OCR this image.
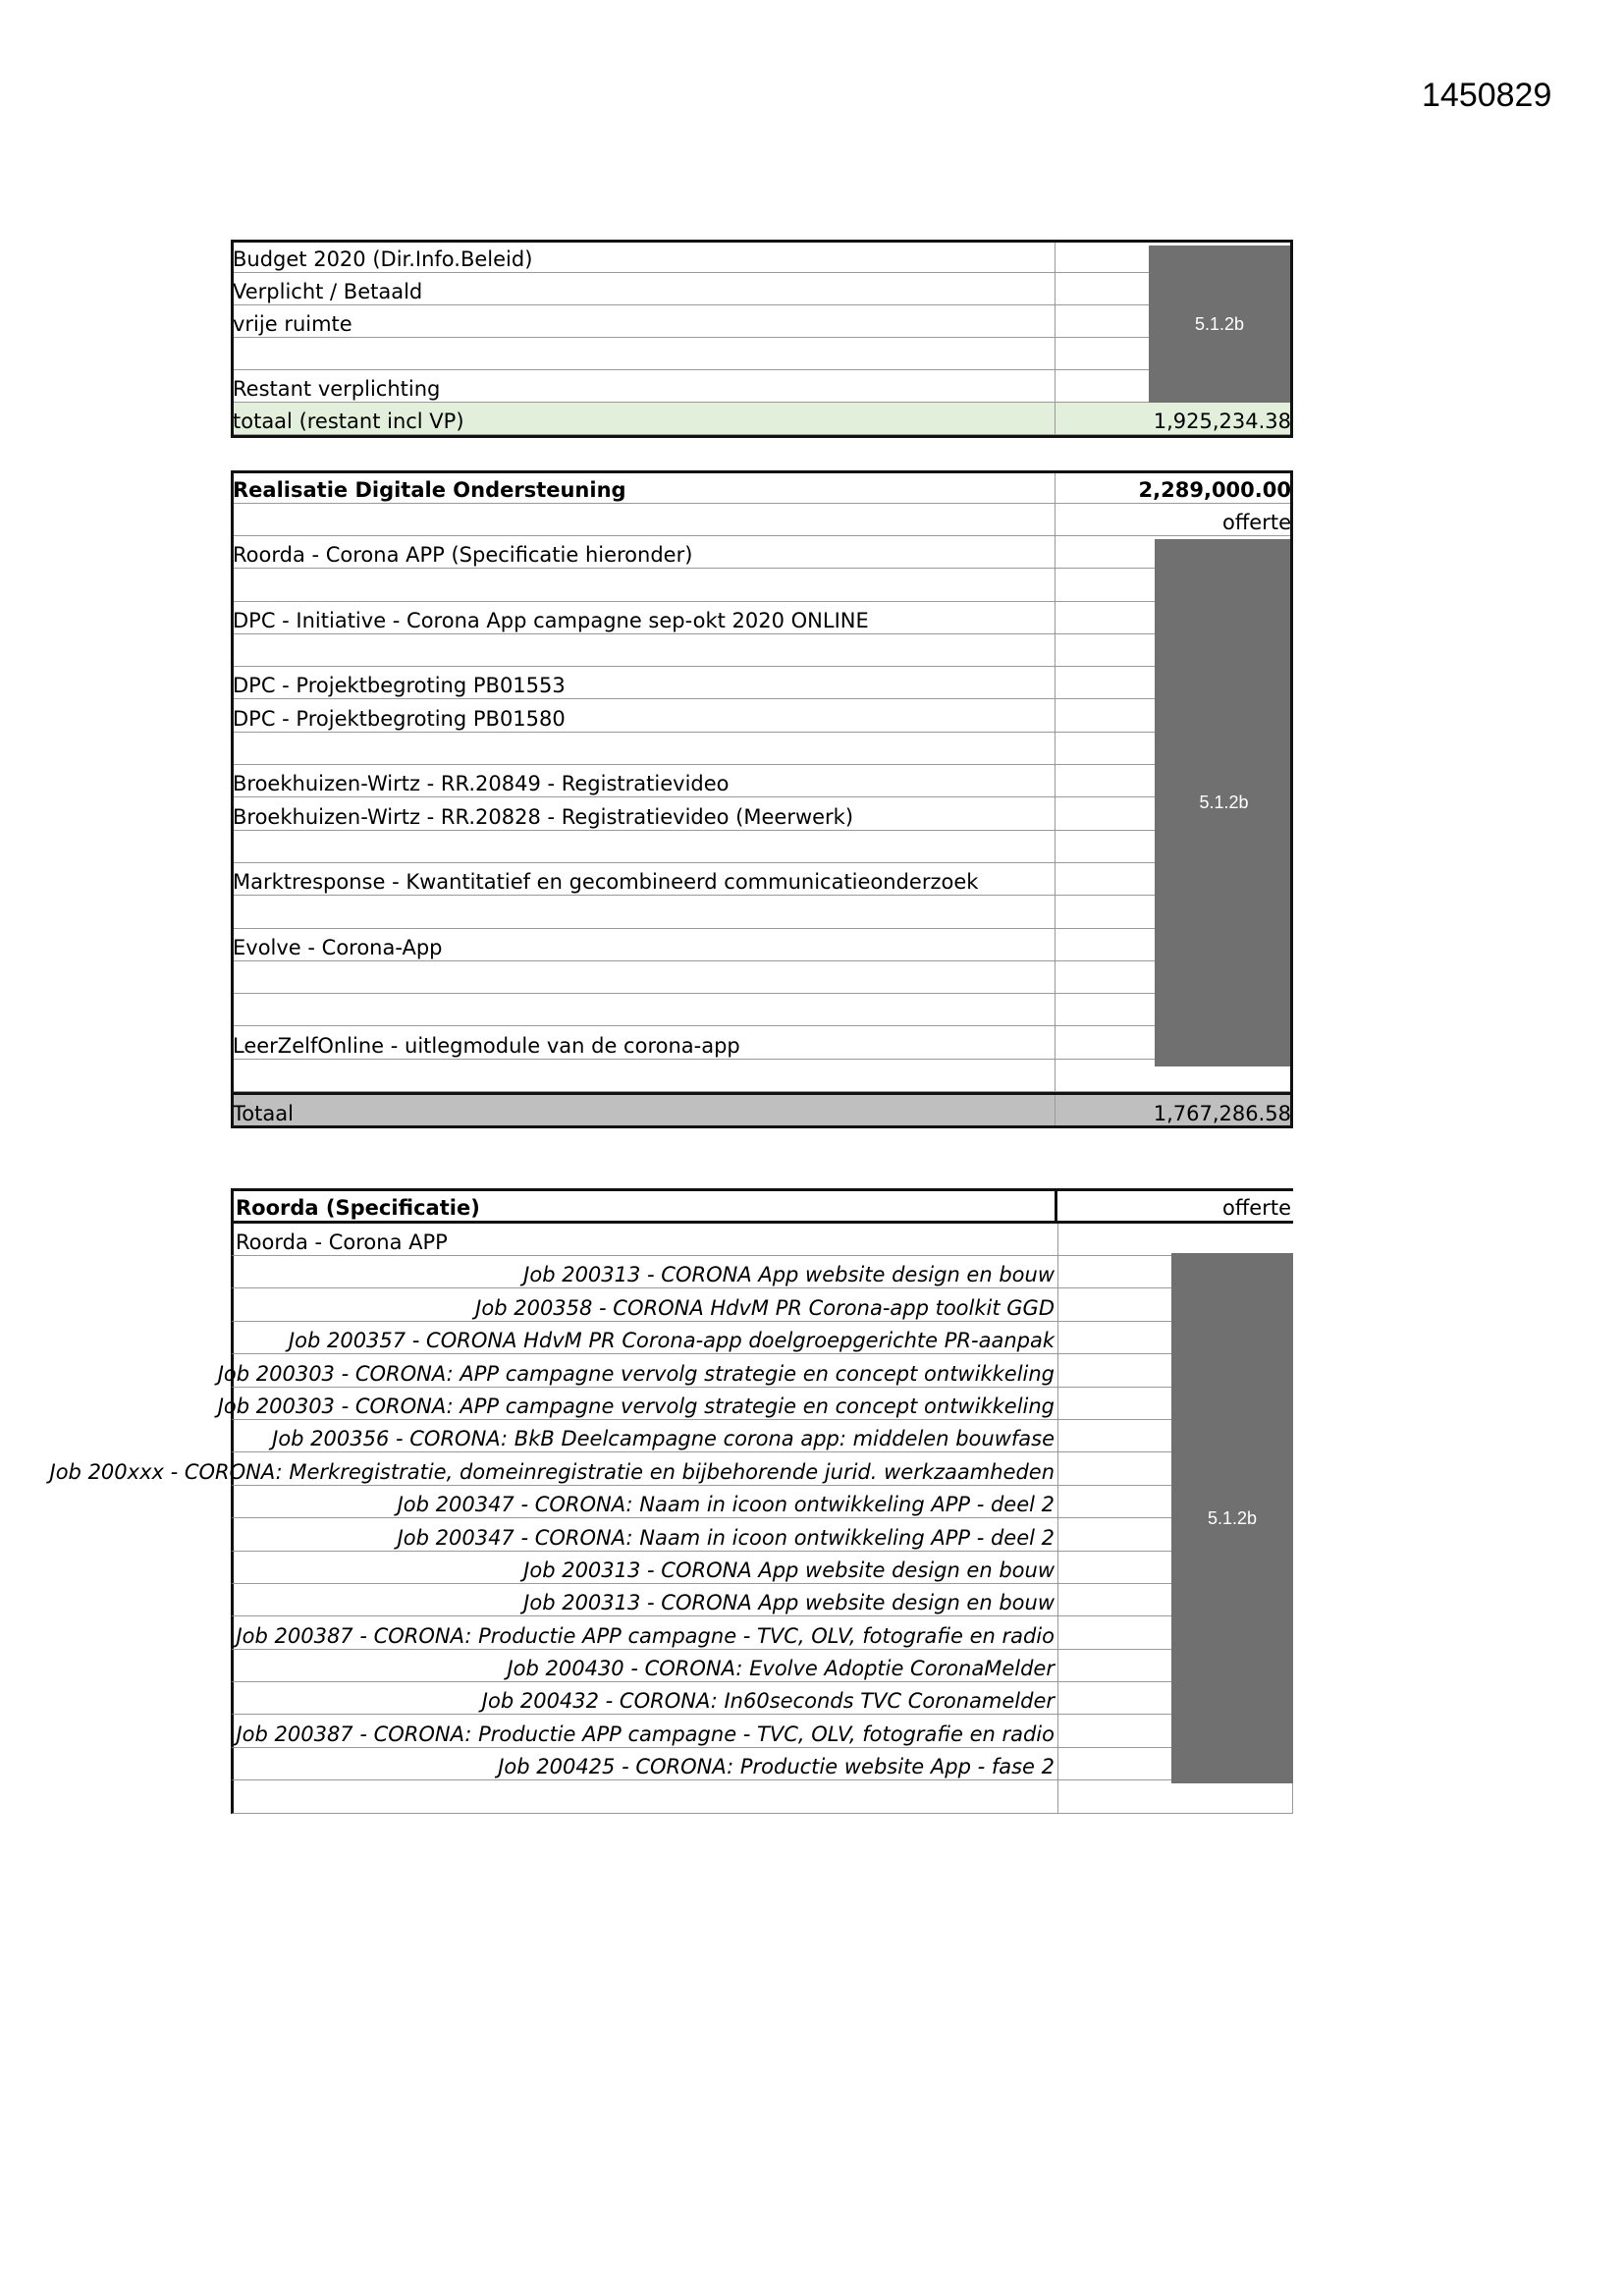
1450829
Budget 2020 (Dir.Info.Beleid)
Verplicht / Betaald
vrije ruimte
Restant verplichting
totaal (restant incl VP)	1,925,234.38
5.1.2b
Realisatie Digitale Ondersteuning	2,289,000.00
offerte
Roorda - Corona APP (Specificatie hieronder)
DPC - Initiative - Corona App campagne sep-okt 2020 ONLINE
DPC - Projektbegroting PB01553
DPC - Projektbegroting PB01580
Broekhuizen-Wirtz - RR.20849 - Registratievideo
Broekhuizen-Wirtz - RR.20828 - Registratievideo (Meerwerk)
Marktresponse - Kwantitatief en gecombineerd communicatieonderzoek
Evolve - Corona-App
LeerZelfOnline - uitlegmodule van de corona-app
Totaal	1,767,286.58
5.1.2b
Roorda (Specificatie)	offerte
Roorda - Corona APP
Job 200313 - CORONA App website design en bouw
Job 200358 - CORONA HdvM PR Corona-app toolkit GGD
Job 200357 - CORONA HdvM PR Corona-app doelgroepgerichte PR-aanpak
Job 200303 - CORONA: APP campagne vervolg strategie en concept ontwikkeling
Job 200303 - CORONA: APP campagne vervolg strategie en concept ontwikkeling
Job 200356 - CORONA: BkB Deelcampagne corona app: middelen bouwfase
Job 200xxx - CORONA: Merkregistratie, domeinregistratie en bijbehorende jurid. werkzaamheden
Job 200347 - CORONA: Naam in icoon ontwikkeling APP - deel 2
Job 200347 - CORONA: Naam in icoon ontwikkeling APP - deel 2
Job 200313 - CORONA App website design en bouw
Job 200313 - CORONA App website design en bouw
Job 200387 - CORONA: Productie APP campagne - TVC, OLV, fotografie en radio
Job 200430 - CORONA: Evolve Adoptie CoronaMelder
Job 200432 - CORONA: In60seconds TVC Coronamelder
Job 200387 - CORONA: Productie APP campagne - TVC, OLV, fotografie en radio
Job 200425 - CORONA: Productie website App - fase 2
5.1.2b
